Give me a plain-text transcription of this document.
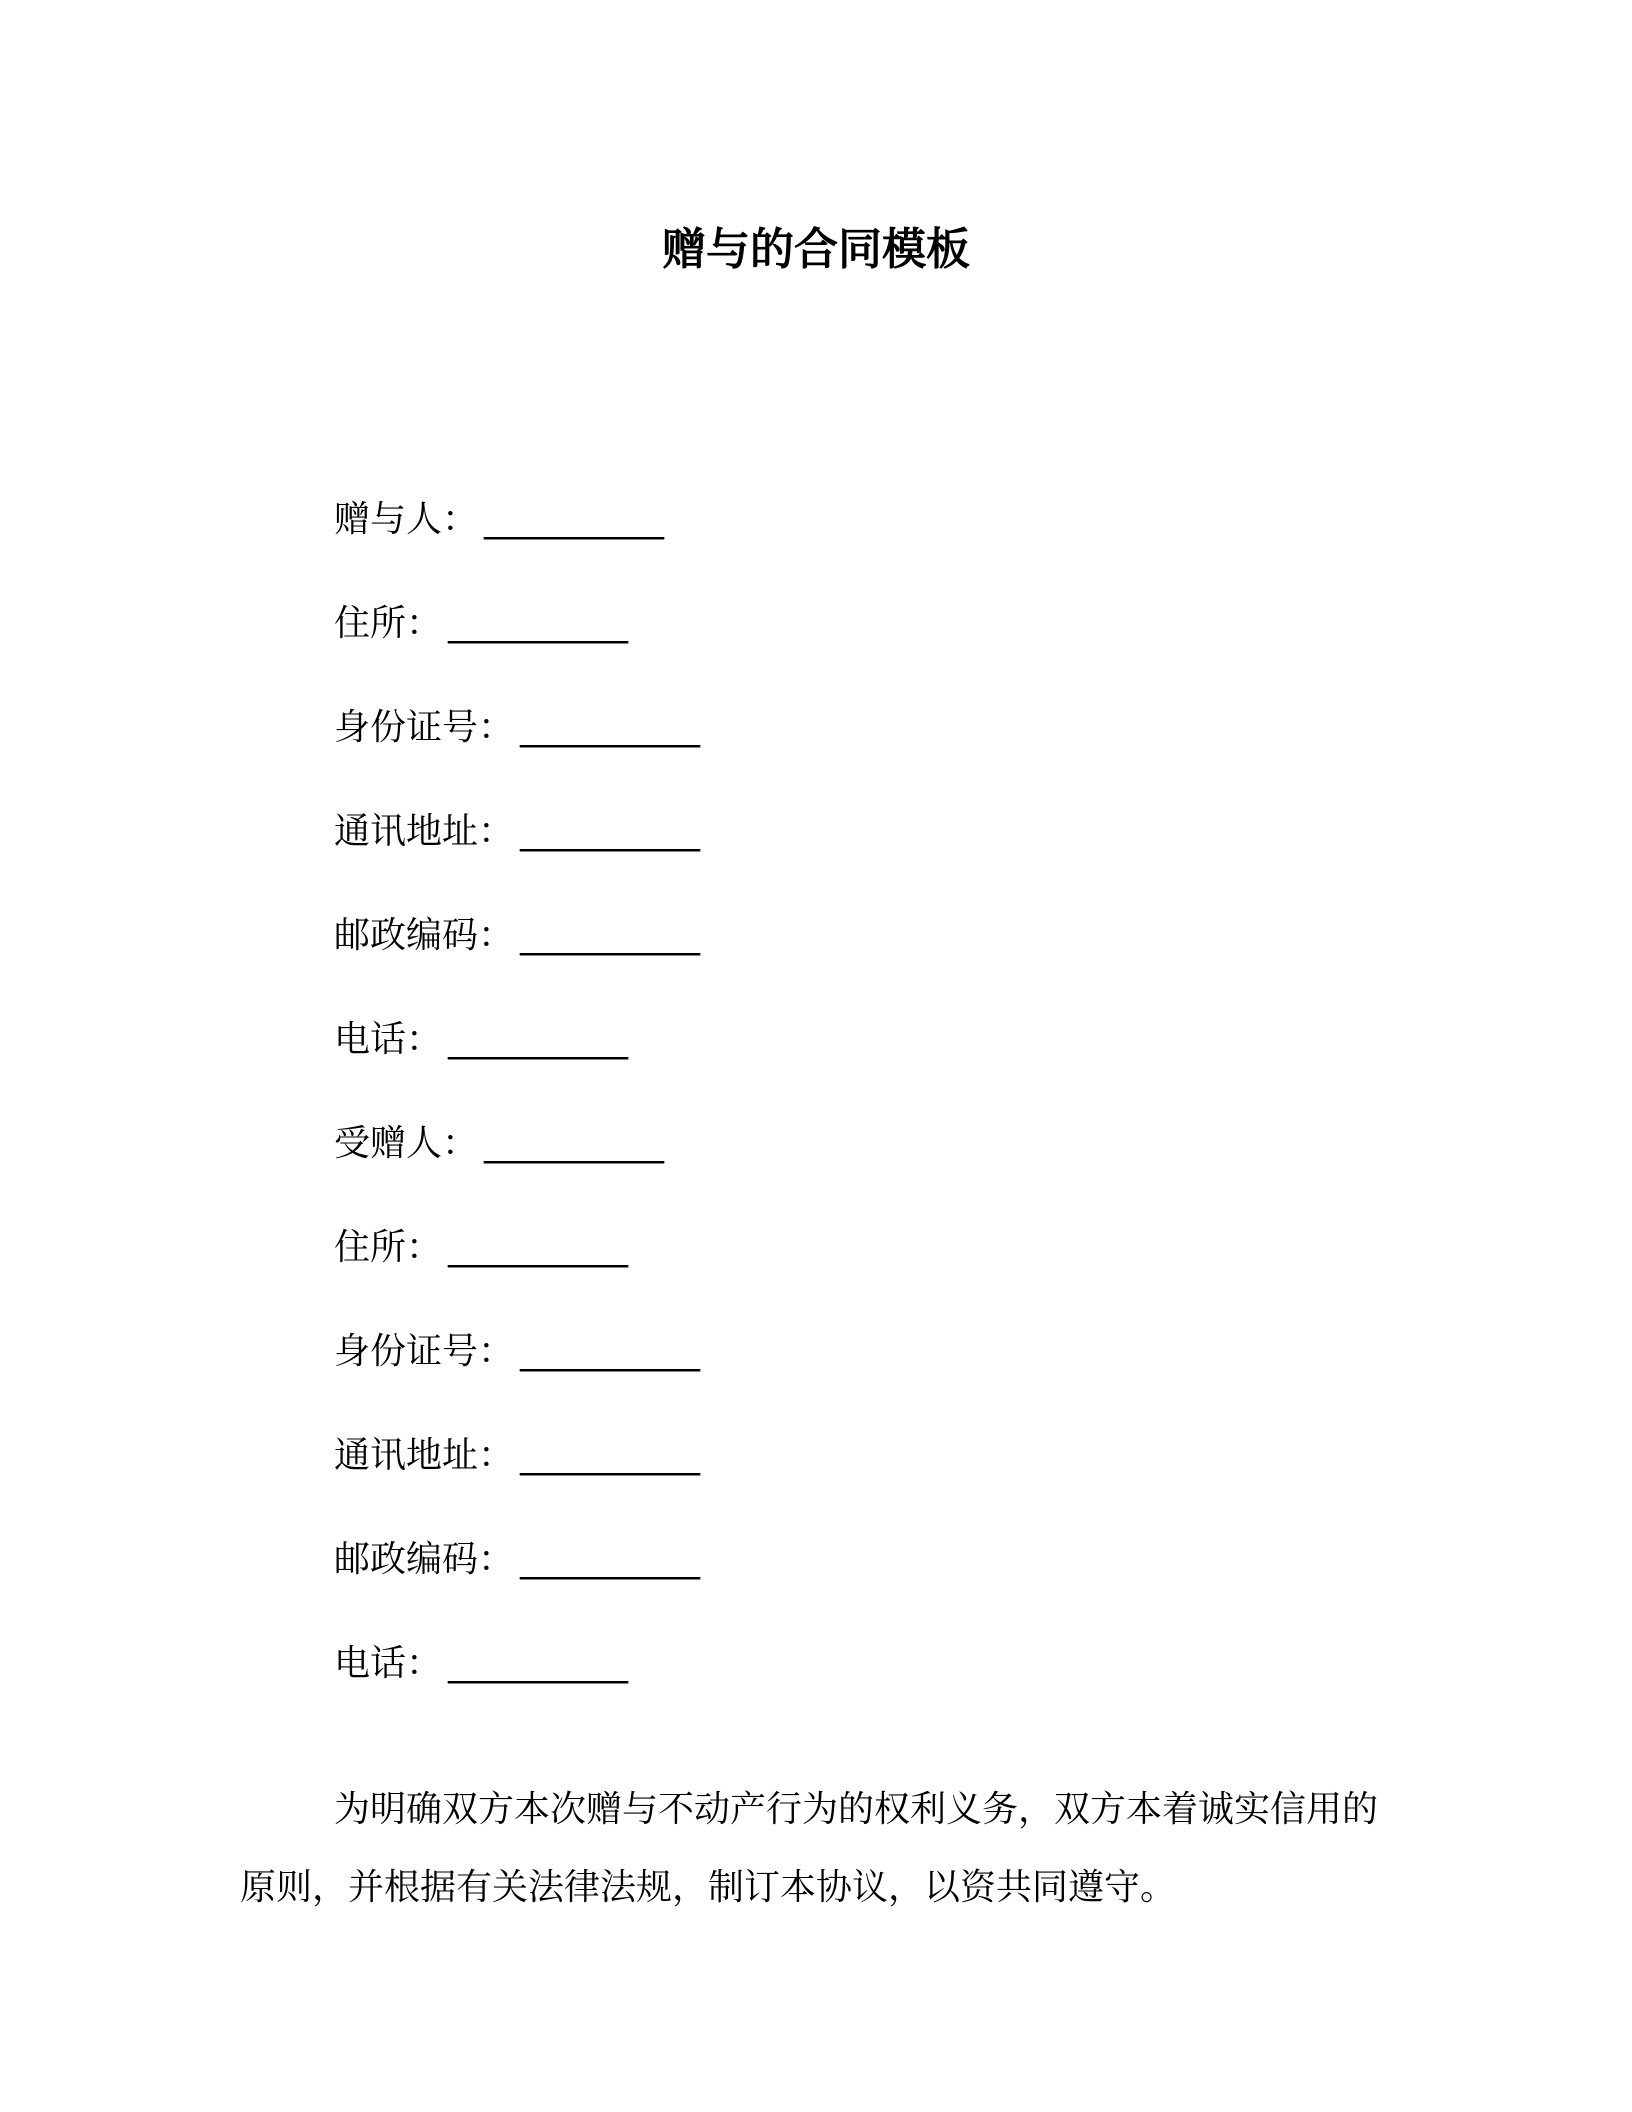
赠与的合同模板
赠与人： __________
住所： __________
身份证号： __________
通讯地址： __________
邮政编码： __________
电话： __________
受赠人： __________
住所： __________
身份证号： __________
通讯地址： __________
邮政编码： __________
电话： __________

为明确双方本次赠与不动产行为的权利义务，双方本着诚实信用的原则，并根据有关法律法规，制订本协议，以资共同遵守。
